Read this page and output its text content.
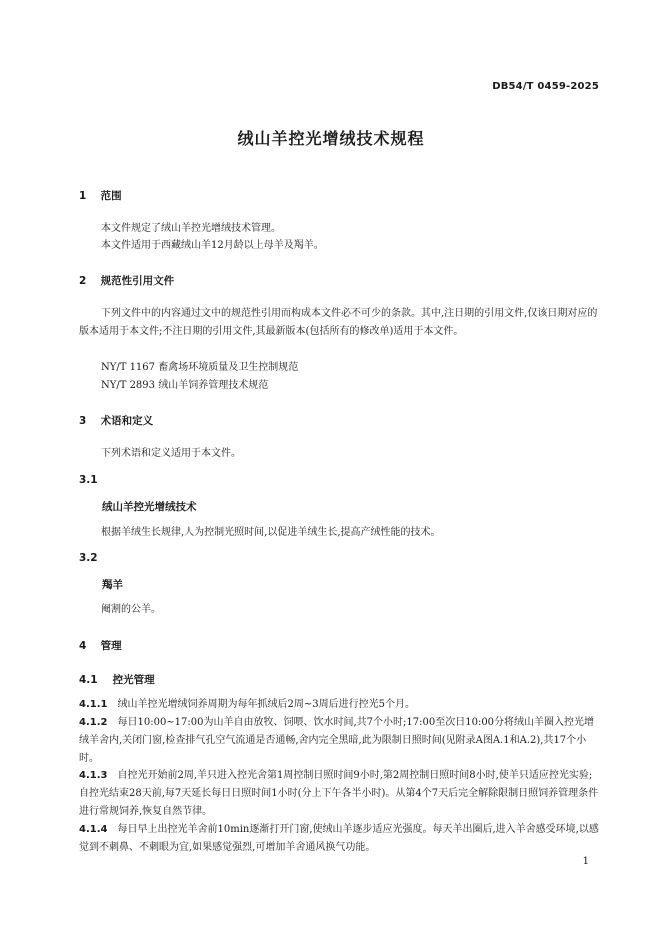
DB54/T 0459-2025
绒山羊控光增绒技术规程
1 范围
本文件规定了绒山羊控光增绒技术管理。
本文件适用于西藏绒山羊12月龄以上母羊及羯羊。
2 规范性引用文件
下列文件中的内容通过文中的规范性引用而构成本文件必不可少的条款。其中,注日期的引用文件,仅该日期对应的版本适用于本文件;不注日期的引用文件,其最新版本(包括所有的修改单)适用于本文件。
NY/T 1167 畜禽场环境质量及卫生控制规范
NY/T 2893 绒山羊饲养管理技术规范
3 术语和定义
下列术语和定义适用于本文件。
3.1
绒山羊控光增绒技术
根据羊绒生长规律,人为控制光照时间,以促进羊绒生长,提高产绒性能的技术。
3.2
羯羊
阉割的公羊。
4 管理
4.1 控光管理
4.1.1 绒山羊控光增绒饲养周期为每年抓绒后2周~3周后进行控光5个月。
4.1.2 每日10:00~17:00为山羊自由放牧、饲喂、饮水时间,共7个小时;17:00至次日10:00分将绒山羊圈入控光增绒羊舍内,关闭门窗,检查排气孔空气流通是否通畅,舍内完全黑暗,此为限制日照时间(见附录A图A.1和A.2),共17个小时。
4.1.3 自控光开始前2周,羊只进入控光舍第1周控制日照时间9小时,第2周控制日照时间8小时,使羊只适应控光实验;自控光结束28天前,每7天延长每日日照时间1小时(分上下午各半小时)。从第4个7天后完全解除限制日照饲养管理条件进行常规饲养,恢复自然节律。
4.1.4 每日早上出控光羊舍前10min逐渐打开门窗,使绒山羊逐步适应光强度。每天羊出圈后,进入羊舍感受环境,以感觉到不刺鼻、不刺眼为宜,如果感觉强烈,可增加羊舍通风换气功能。
1
